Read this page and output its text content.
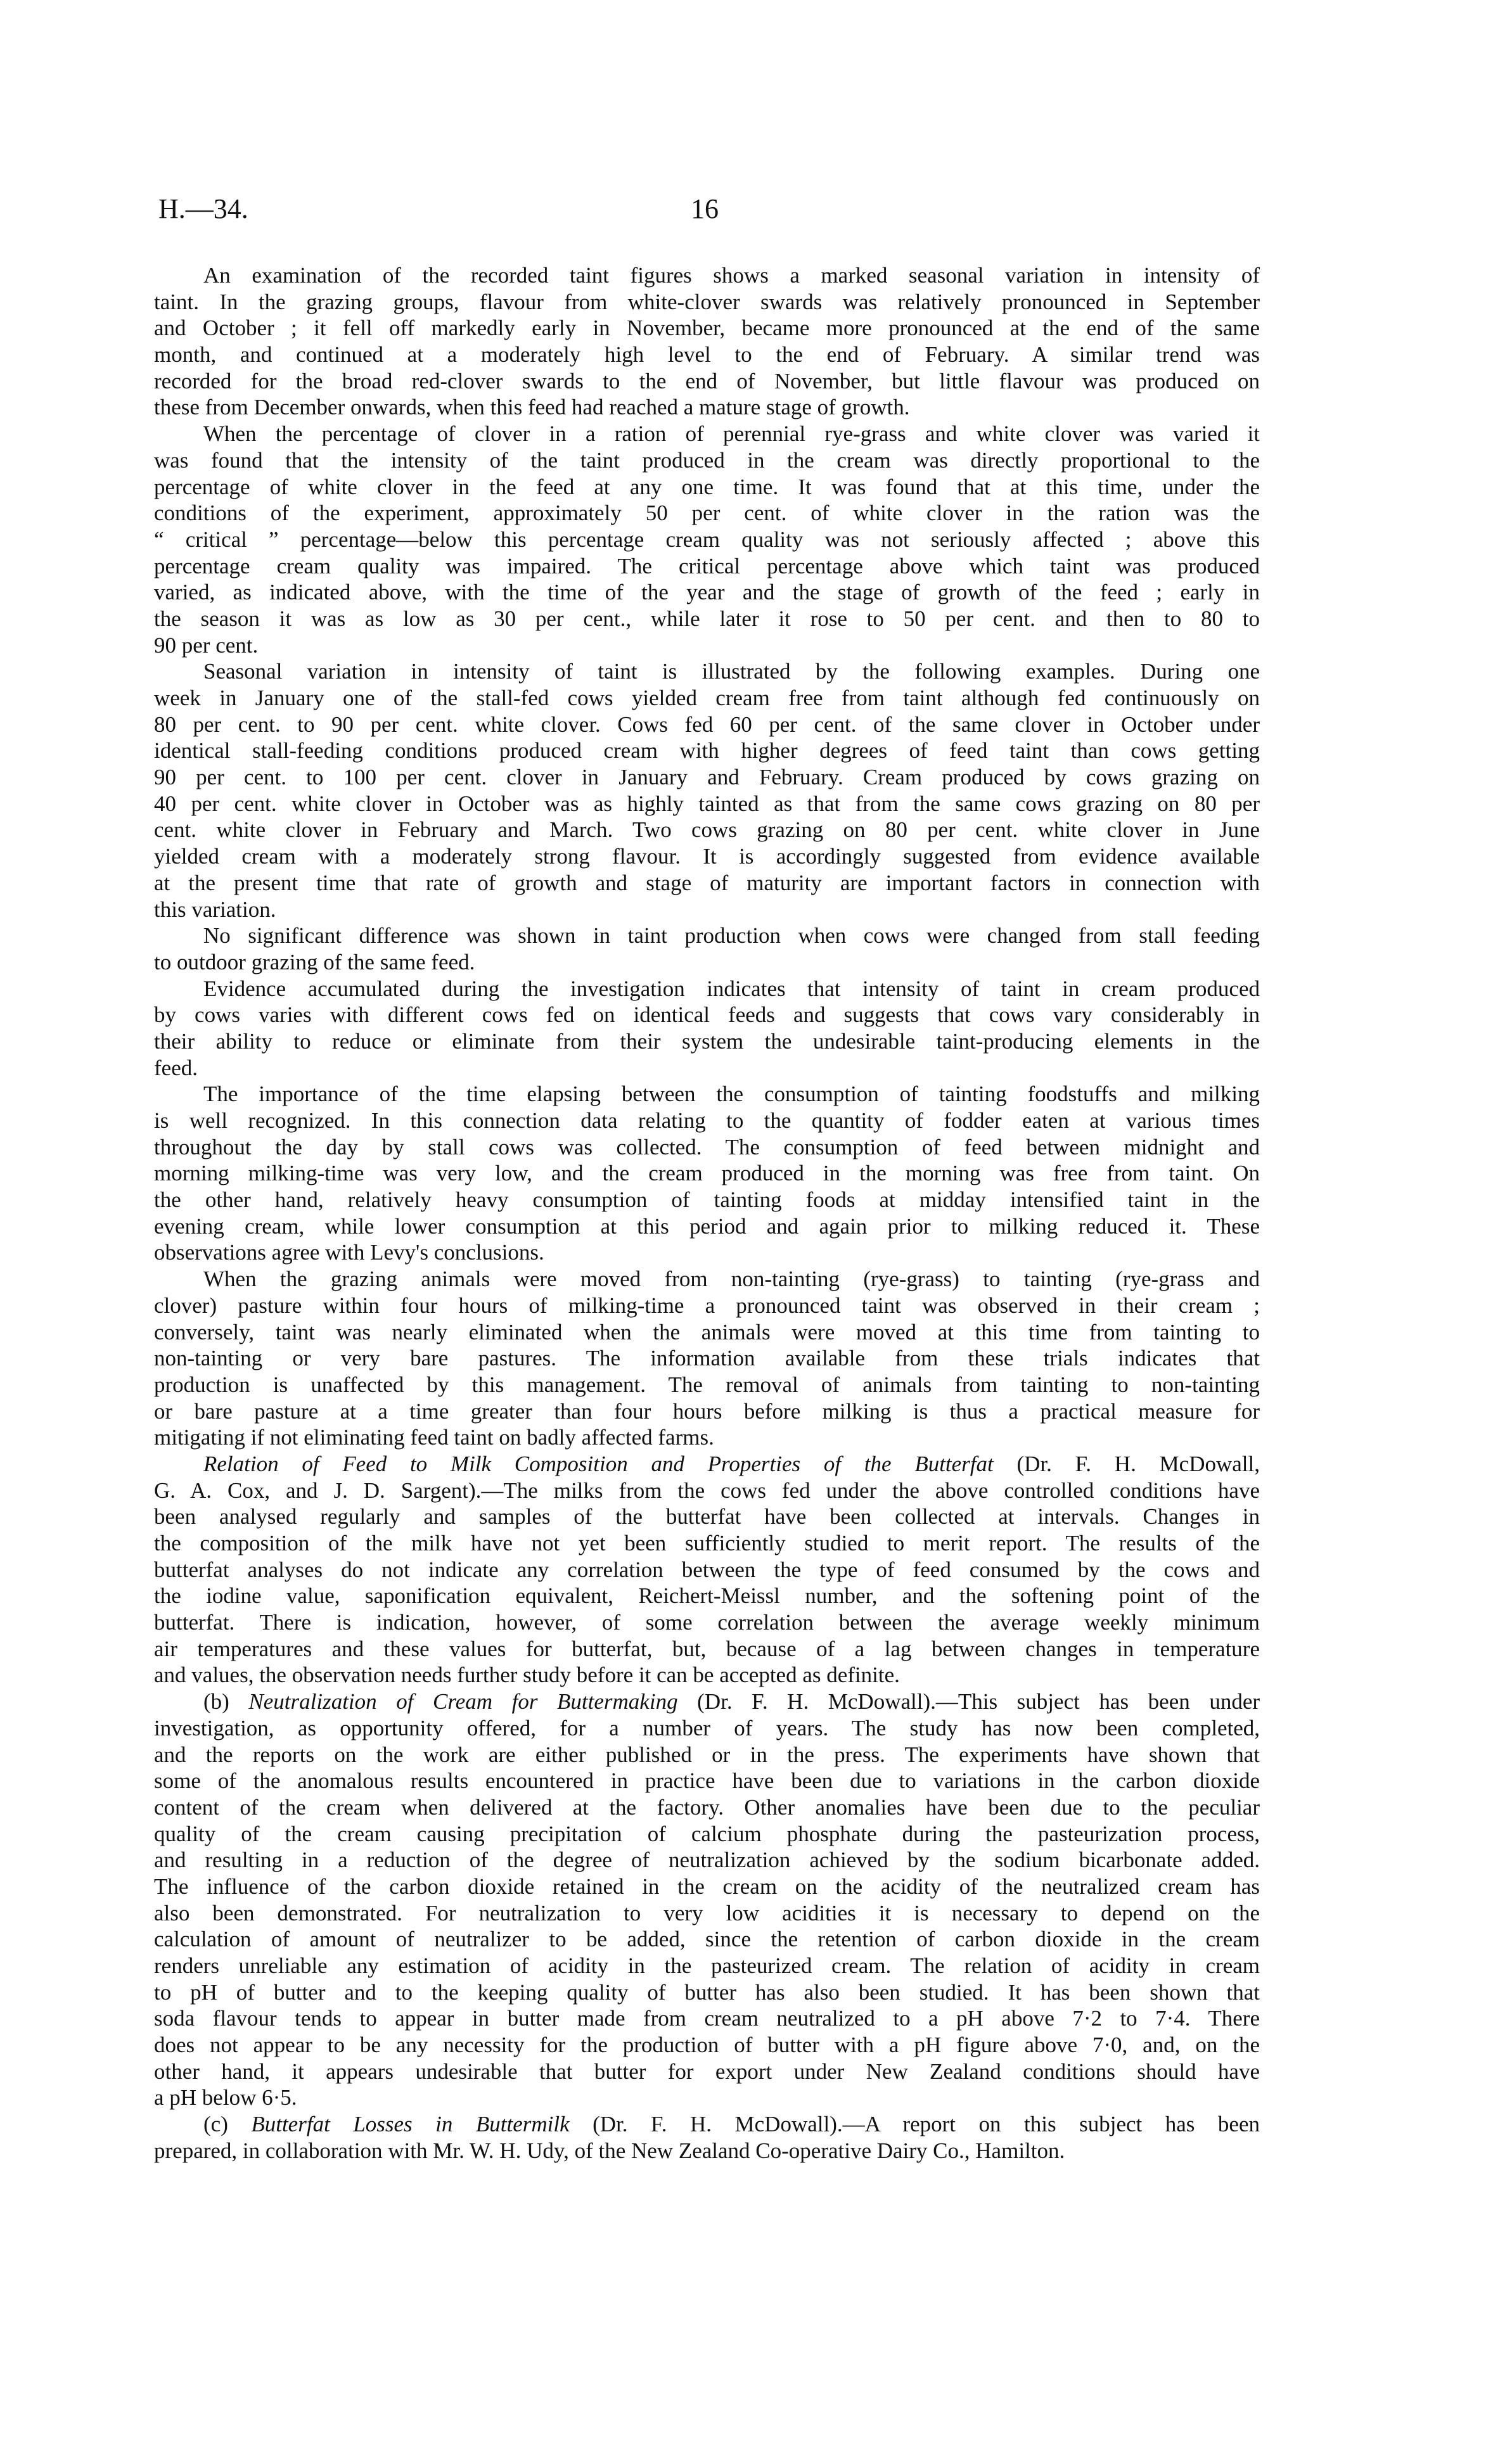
H.—34.	16
An examination of the recorded taint figures shows a marked seasonal variation in intensity of
taint. In the grazing groups, flavour from white-clover swards was relatively pronounced in September
and October ; it fell off markedly early in November, became more pronounced at the end of the same
month, and continued at a moderately high level to the end of February. A similar trend was
recorded for the broad red-clover swards to the end of November, but little flavour was produced on
these from December onwards, when this feed had reached a mature stage of growth.
When the percentage of clover in a ration of perennial rye-grass and white clover was varied it
was found that the intensity of the taint produced in the cream was directly proportional to the
percentage of white clover in the feed at any one time. It was found that at this time, under the
conditions of the experiment, approximately 50 per cent. of white clover in the ration was the
“ critical ” percentage—below this percentage cream quality was not seriously affected ; above this
percentage cream quality was impaired. The critical percentage above which taint was produced
varied, as indicated above, with the time of the year and the stage of growth of the feed ; early in
the season it was as low as 30 per cent., while later it rose to 50 per cent. and then to 80 to
90 per cent.
Seasonal variation in intensity of taint is illustrated by the following examples. During one
week in January one of the stall-fed cows yielded cream free from taint although fed continuously on
80 per cent. to 90 per cent. white clover. Cows fed 60 per cent. of the same clover in October under
identical stall-feeding conditions produced cream with higher degrees of feed taint than cows getting
90 per cent. to 100 per cent. clover in January and February. Cream produced by cows grazing on
40 per cent. white clover in October was as highly tainted as that from the same cows grazing on 80 per
cent. white clover in February and March. Two cows grazing on 80 per cent. white clover in June
yielded cream with a moderately strong flavour. It is accordingly suggested from evidence available
at the present time that rate of growth and stage of maturity are important factors in connection with
this variation.
No significant difference was shown in taint production when cows were changed from stall feeding
to outdoor grazing of the same feed.
Evidence accumulated during the investigation indicates that intensity of taint in cream produced
by cows varies with different cows fed on identical feeds and suggests that cows vary considerably in
their ability to reduce or eliminate from their system the undesirable taint-producing elements in the
feed.
The importance of the time elapsing between the consumption of tainting foodstuffs and milking
is well recognized. In this connection data relating to the quantity of fodder eaten at various times
throughout the day by stall cows was collected. The consumption of feed between midnight and
morning milking-time was very low, and the cream produced in the morning was free from taint. On
the other hand, relatively heavy consumption of tainting foods at midday intensified taint in the
evening cream, while lower consumption at this period and again prior to milking reduced it. These
observations agree with Levy's conclusions.
When the grazing animals were moved from non-tainting (rye-grass) to tainting (rye-grass and
clover) pasture within four hours of milking-time a pronounced taint was observed in their cream ;
conversely, taint was nearly eliminated when the animals were moved at this time from tainting to
non-tainting or very bare pastures. The information available from these trials indicates that
production is unaffected by this management. The removal of animals from tainting to non-tainting
or bare pasture at a time greater than four hours before milking is thus a practical measure for
mitigating if not eliminating feed taint on badly affected farms.
Relation of Feed to Milk Composition and Properties of the Butterfat (Dr. F. H. McDowall,
G. A. Cox, and J. D. Sargent).—The milks from the cows fed under the above controlled conditions have
been analysed regularly and samples of the butterfat have been collected at intervals. Changes in
the composition of the milk have not yet been sufficiently studied to merit report. The results of the
butterfat analyses do not indicate any correlation between the type of feed consumed by the cows and
the iodine value, saponification equivalent, Reichert-Meissl number, and the softening point of the
butterfat. There is indication, however, of some correlation between the average weekly minimum
air temperatures and these values for butterfat, but, because of a lag between changes in temperature
and values, the observation needs further study before it can be accepted as definite.
(b) Neutralization of Cream for Buttermaking (Dr. F. H. McDowall).—This subject has been under
investigation, as opportunity offered, for a number of years. The study has now been completed,
and the reports on the work are either published or in the press. The experiments have shown that
some of the anomalous results encountered in practice have been due to variations in the carbon dioxide
content of the cream when delivered at the factory. Other anomalies have been due to the peculiar
quality of the cream causing precipitation of calcium phosphate during the pasteurization process,
and resulting in a reduction of the degree of neutralization achieved by the sodium bicarbonate added.
The influence of the carbon dioxide retained in the cream on the acidity of the neutralized cream has
also been demonstrated. For neutralization to very low acidities it is necessary to depend on the
calculation of amount of neutralizer to be added, since the retention of carbon dioxide in the cream
renders unreliable any estimation of acidity in the pasteurized cream. The relation of acidity in cream
to pH of butter and to the keeping quality of butter has also been studied. It has been shown that
soda flavour tends to appear in butter made from cream neutralized to a pH above 7·2 to 7·4. There
does not appear to be any necessity for the production of butter with a pH figure above 7·0, and, on the
other hand, it appears undesirable that butter for export under New Zealand conditions should have
a pH below 6·5.
(c) Butterfat Losses in Buttermilk (Dr. F. H. McDowall).—A report on this subject has been
prepared, in collaboration with Mr. W. H. Udy, of the New Zealand Co-operative Dairy Co., Hamilton.
